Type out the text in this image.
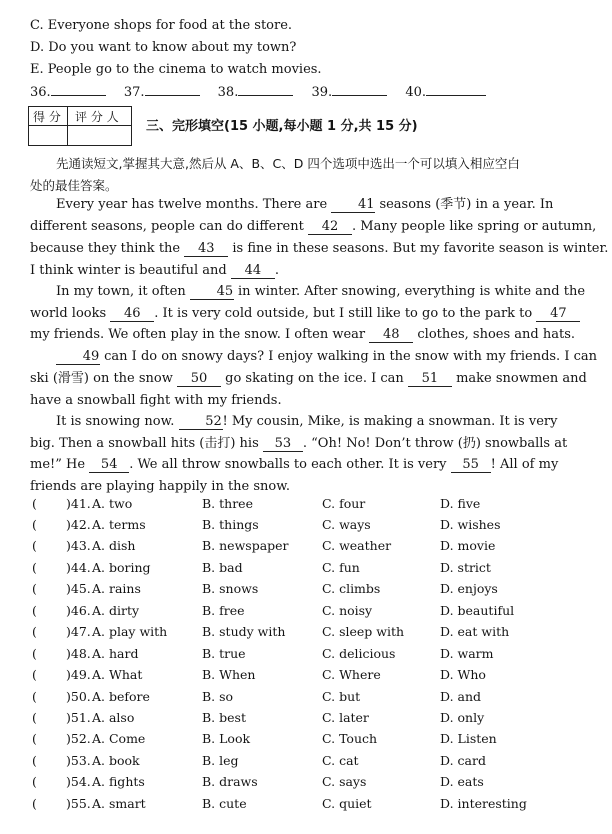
C. Everyone shops for food at the store.
D. Do you want to know about my town?
E. People go to the cinema to watch movies.
36.	37.	38.	39.	40.
得 分 评 分 人
三、完形填空(15 小题,每小题 1 分,共 15 分)
先通读短文,掌握其大意,然后从 A、B、C、D 四个选项中选出一个可以填入相应空白
处的最佳答案。
Every year has twelve months. There are 41 seasons (季节) in a year. In
different seasons, people can do different 42 . Many people like spring or autumn,
because they think the 43 is fine in these seasons. But my favorite season is winter.
I think winter is beautiful and 44 .
In my town, it often 45 in winter. After snowing, everything is white and the
world looks 46 . It is very cold outside, but I still like to go to the park to 47
my friends. We often play in the snow. I often wear 48 clothes, shoes and hats.
49 can I do on snowy days? I enjoy walking in the snow with my friends. I can
ski (滑雪) on the snow 50 go skating on the ice. I can 51 make snowmen and
have a snowball fight with my friends.
It is snowing now. 52! My cousin, Mike, is making a snowman. It is very
big. Then a snowball hits (击打) his 53 . “Oh! No! Don’t throw (扔) snowballs at
me!” He 54 . We all throw snowballs to each other. It is very 55 ! All of my
friends are playing happily in the snow.
( )41. A. two	B. three	C. four	D. five
( )42. A. terms	B. things	C. ways	D. wishes
( )43. A. dish	B. newspaper	C. weather	D. movie
( )44. A. boring	B. bad	C. fun	D. strict
( )45. A. rains	B. snows	C. climbs	D. enjoys
( )46. A. dirty	B. free	C. noisy	D. beautiful
( )47. A. play with	B. study with	C. sleep with	D. eat with
( )48. A. hard	B. true	C. delicious	D. warm
( )49. A. What	B. When	C. Where	D. Who
( )50. A. before	B. so	C. but	D. and
( )51. A. also	B. best	C. later	D. only
( )52. A. Come	B. Look	C. Touch	D. Listen
( )53. A. book	B. leg	C. cat	D. card
( )54. A. fights	B. draws	C. says	D. eats
( )55. A. smart	B. cute	C. quiet	D. interesting
